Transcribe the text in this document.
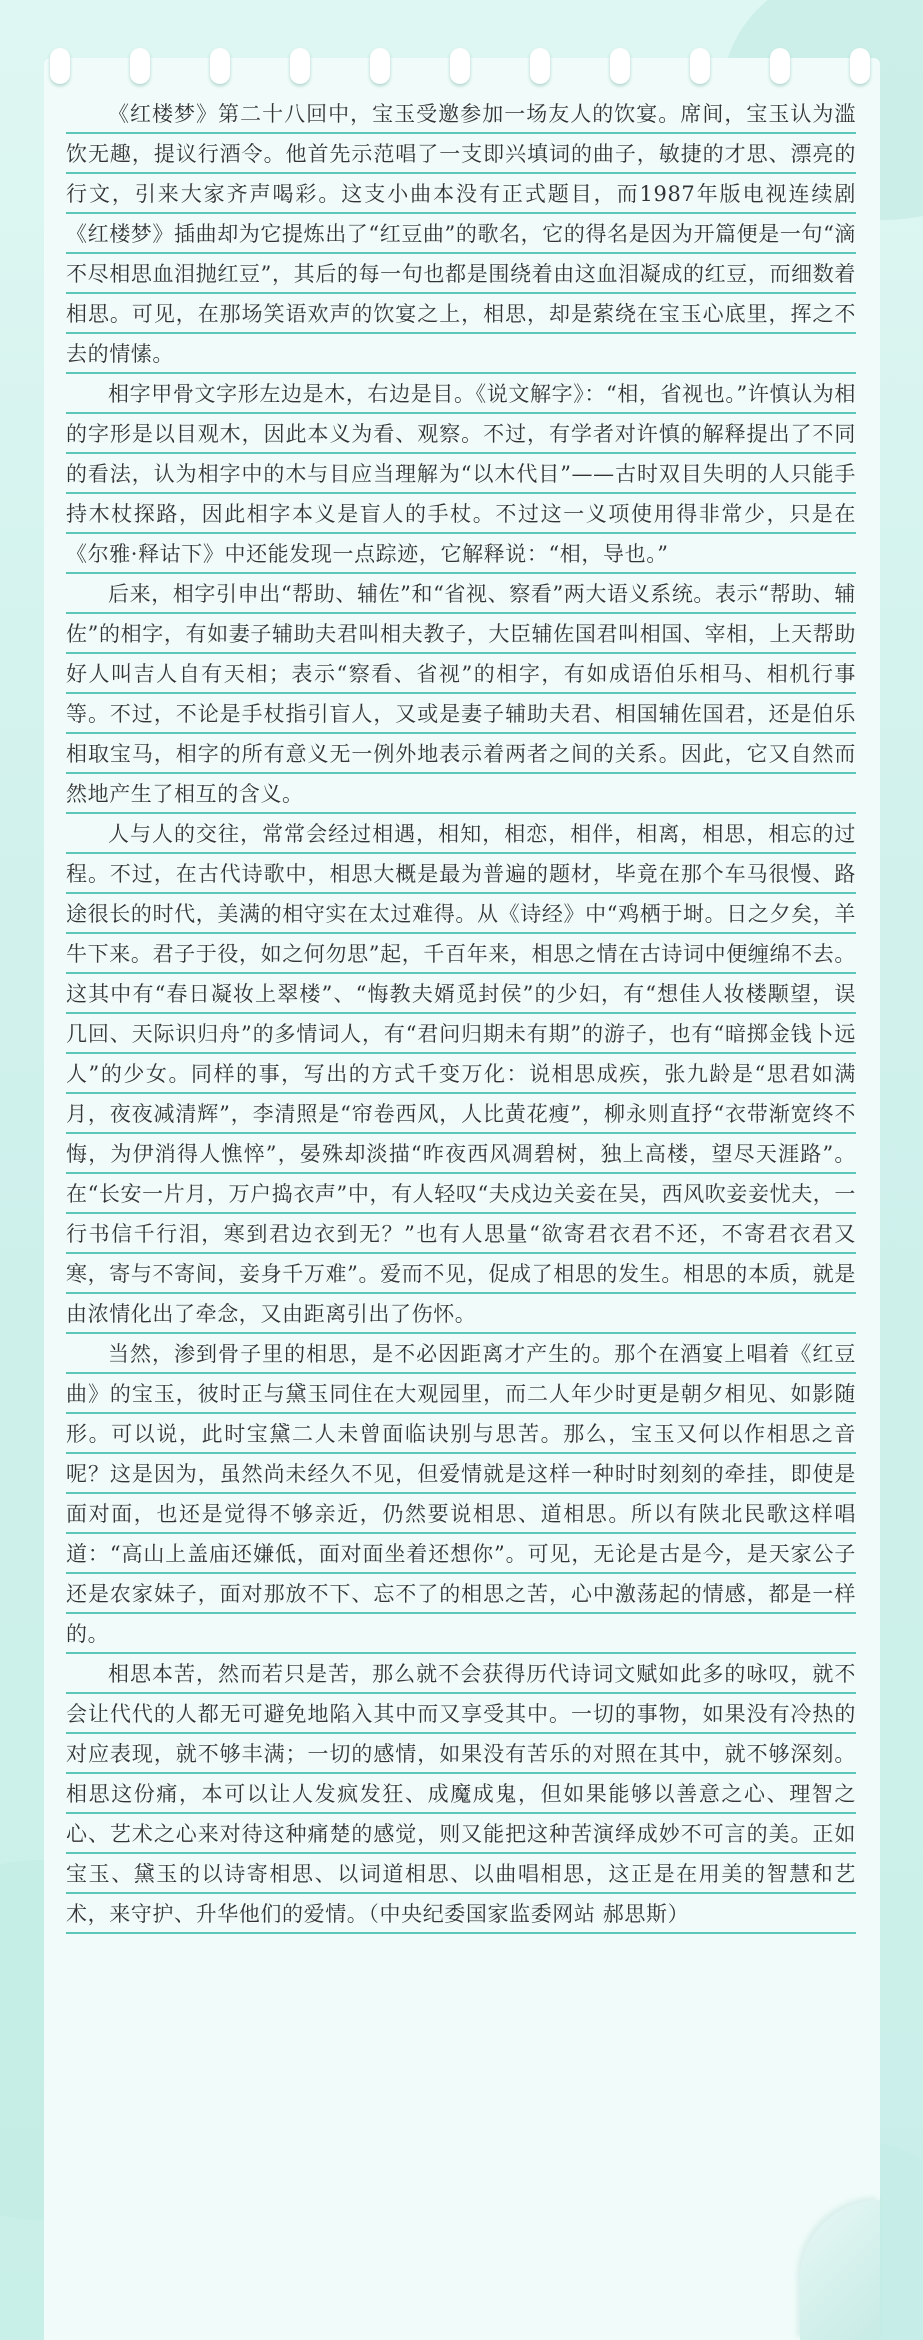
《红楼梦》第二十八回中，宝玉受邀参加一场友人的饮宴。席间，宝玉认为滥饮无趣，提议行酒令。他首先示范唱了一支即兴填词的曲子，敏捷的才思、漂亮的行文，引来大家齐声喝彩。这支小曲本没有正式题目，而1987年版电视连续剧《红楼梦》插曲却为它提炼出了“红豆曲”的歌名，它的得名是因为开篇便是一句“滴不尽相思血泪抛红豆”，其后的每一句也都是围绕着由这血泪凝成的红豆，而细数着相思。可见，在那场笑语欢声的饮宴之上，相思，却是萦绕在宝玉心底里，挥之不去的情愫。

相字甲骨文字形左边是木，右边是目。《说文解字》：“相，省视也。”许慎认为相的字形是以目观木，因此本义为看、观察。不过，有学者对许慎的解释提出了不同的看法，认为相字中的木与目应当理解为“以木代目”——古时双目失明的人只能手持木杖探路，因此相字本义是盲人的手杖。不过这一义项使用得非常少，只是在《尔雅·释诂下》中还能发现一点踪迹，它解释说：“相，导也。”

后来，相字引申出“帮助、辅佐”和“省视、察看”两大语义系统。表示“帮助、辅佐”的相字，有如妻子辅助夫君叫相夫教子，大臣辅佐国君叫相国、宰相，上天帮助好人叫吉人自有天相；表示“察看、省视”的相字，有如成语伯乐相马、相机行事等。不过，不论是手杖指引盲人，又或是妻子辅助夫君、相国辅佐国君，还是伯乐相取宝马，相字的所有意义无一例外地表示着两者之间的关系。因此，它又自然而然地产生了相互的含义。

人与人的交往，常常会经过相遇，相知，相恋，相伴，相离，相思，相忘的过程。不过，在古代诗歌中，相思大概是最为普遍的题材，毕竟在那个车马很慢、路途很长的时代，美满的相守实在太过难得。从《诗经》中“鸡栖于埘。日之夕矣，羊牛下来。君子于役，如之何勿思”起，千百年来，相思之情在古诗词中便缠绵不去。这其中有“春日凝妆上翠楼”、“悔教夫婿觅封侯”的少妇，有“想佳人妆楼颙望，误几回、天际识归舟”的多情词人，有“君问归期未有期”的游子，也有“暗掷金钱卜远人”的少女。同样的事，写出的方式千变万化：说相思成疾，张九龄是“思君如满月，夜夜减清辉”，李清照是“帘卷西风，人比黄花瘦”，柳永则直抒“衣带渐宽终不悔，为伊消得人憔悴”，晏殊却淡描“昨夜西风凋碧树，独上高楼，望尽天涯路”。在“长安一片月，万户捣衣声”中，有人轻叹“夫戍边关妾在吴，西风吹妾妾忧夫，一行书信千行泪，寒到君边衣到无？”也有人思量“欲寄君衣君不还，不寄君衣君又寒，寄与不寄间，妾身千万难”。爱而不见，促成了相思的发生。相思的本质，就是由浓情化出了牵念，又由距离引出了伤怀。

当然，渗到骨子里的相思，是不必因距离才产生的。那个在酒宴上唱着《红豆曲》的宝玉，彼时正与黛玉同住在大观园里，而二人年少时更是朝夕相见、如影随形。可以说，此时宝黛二人未曾面临诀别与思苦。那么，宝玉又何以作相思之音呢？这是因为，虽然尚未经久不见，但爱情就是这样一种时时刻刻的牵挂，即使是面对面，也还是觉得不够亲近，仍然要说相思、道相思。所以有陕北民歌这样唱道：“高山上盖庙还嫌低，面对面坐着还想你”。可见，无论是古是今，是天家公子还是农家妹子，面对那放不下、忘不了的相思之苦，心中激荡起的情感，都是一样的。

相思本苦，然而若只是苦，那么就不会获得历代诗词文赋如此多的咏叹，就不会让代代的人都无可避免地陷入其中而又享受其中。一切的事物，如果没有冷热的对应表现，就不够丰满；一切的感情，如果没有苦乐的对照在其中，就不够深刻。相思这份痛，本可以让人发疯发狂、成魔成鬼，但如果能够以善意之心、理智之心、艺术之心来对待这种痛楚的感觉，则又能把这种苦演绎成妙不可言的美。正如宝玉、黛玉的以诗寄相思、以词道相思、以曲唱相思，这正是在用美的智慧和艺术，来守护、升华他们的爱情。（中央纪委国家监委网站 郝思斯）
